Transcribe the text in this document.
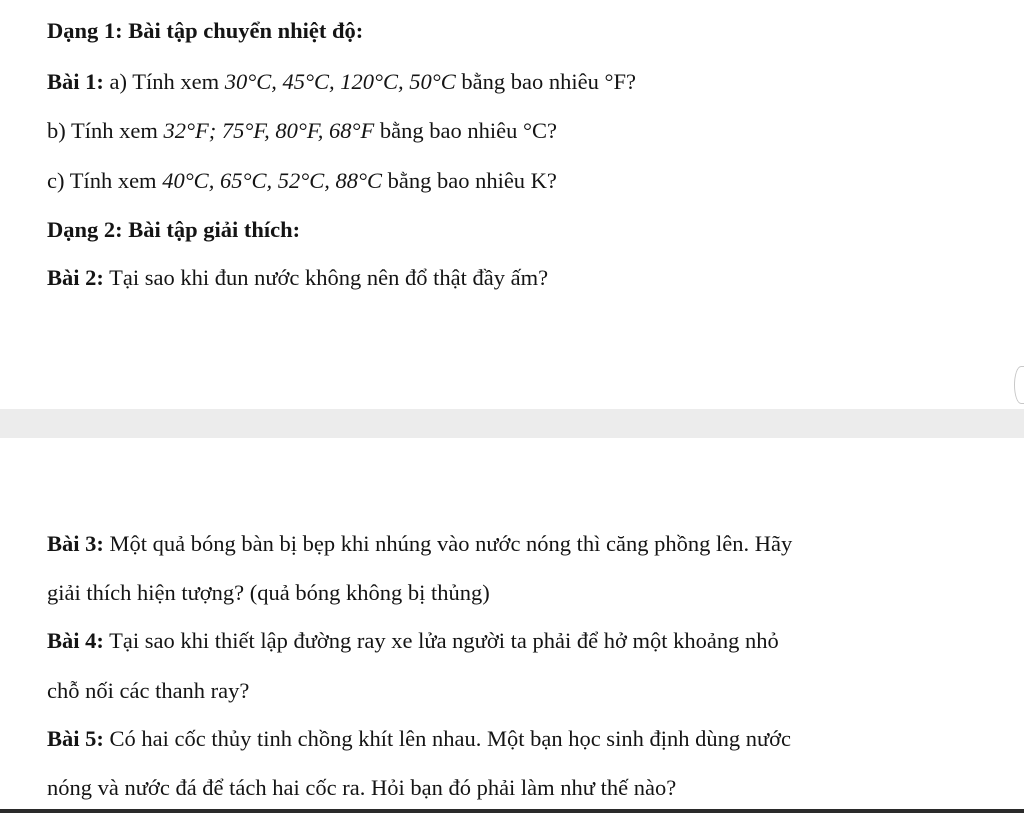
Dạng 1: Bài tập chuyển nhiệt độ:
Bài 1: a) Tính xem 30°C, 45°C, 120°C, 50°C bằng bao nhiêu °F?
b) Tính xem 32°F; 75°F, 80°F, 68°F bằng bao nhiêu °C?
c) Tính xem 40°C, 65°C, 52°C, 88°C bằng bao nhiêu K?
Dạng 2: Bài tập giải thích:
Bài 2: Tại sao khi đun nước không nên đổ thật đầy ấm?
Bài 3: Một quả bóng bàn bị bẹp khi nhúng vào nước nóng thì căng phồng lên. Hãy
giải thích hiện tượng? (quả bóng không bị thủng)
Bài 4: Tại sao khi thiết lập đường ray xe lửa người ta phải để hở một khoảng nhỏ
chỗ nối các thanh ray?
Bài 5: Có hai cốc thủy tinh chồng khít lên nhau. Một bạn học sinh định dùng nước
nóng và nước đá để tách hai cốc ra. Hỏi bạn đó phải làm như thế nào?
